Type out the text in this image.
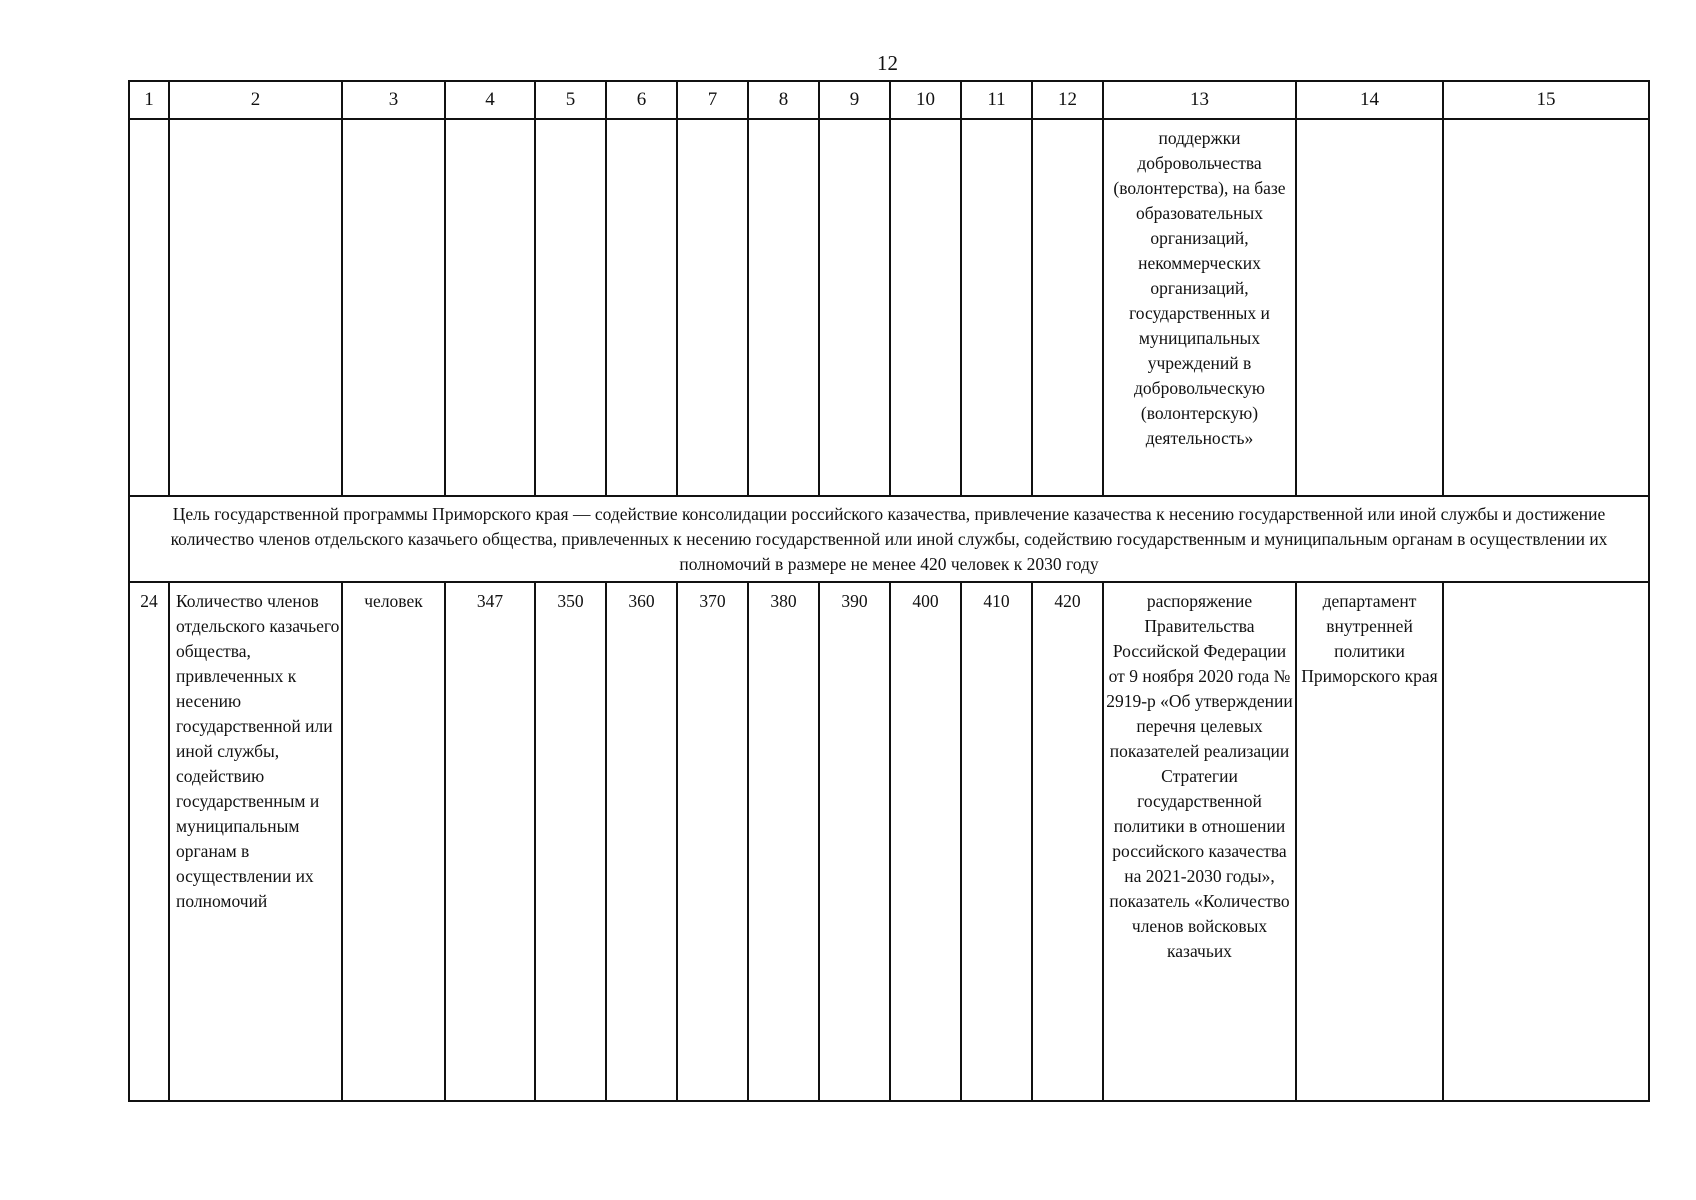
12
1	2	3	4	5	6	7	8	9	10	11	12	13	14	15
												поддержки добровольчества (волонтерства), на базе образовательных организаций, некоммерческих организаций, государственных и муниципальных учреждений в добровольческую (волонтерскую) деятельность»		
Цель государственной программы Приморского края — содействие консолидации российского казачества, привлечение казачества к несению государственной или иной службы и достижение количество членов отдельского казачьего общества, привлеченных к несению государственной или иной службы, содействию государственным и муниципальным органам в осуществлении их полномочий в размере не менее 420 человек к 2030 году														
24	Количество членов отдельского казачьего общества, привлеченных к несению государственной или иной службы, содействию государственным и муниципальным органам в осуществлении их полномочий	человек	347	350	360	370	380	390	400	410	420	распоряжение Правительства Российской Федерации от 9 ноября 2020 года № 2919-р «Об утверждении перечня целевых показателей реализации Стратегии государственной политики в отношении российского казачества на 2021-2030 годы», показатель «Количество членов войсковых казачьих	департамент внутренней политики Приморского края	
